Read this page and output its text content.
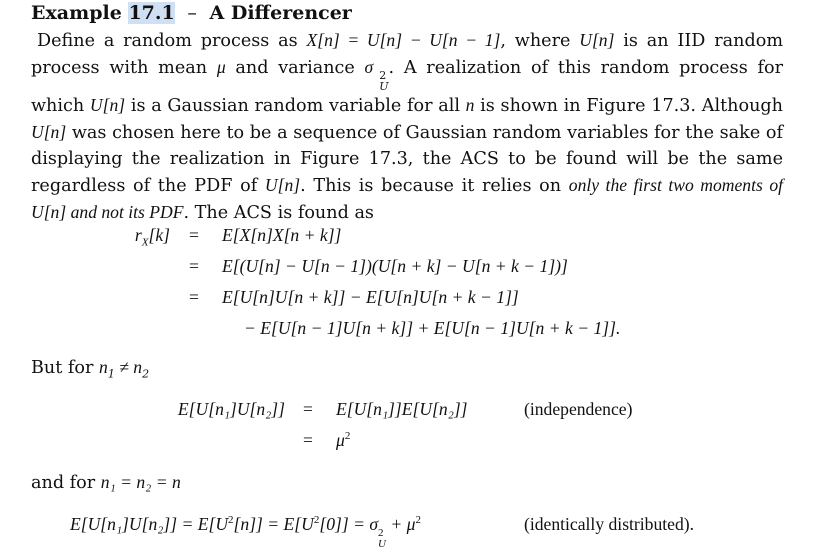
Example 17.1 – A Differencer
Define a random process as X[n] = U[n] − U[n − 1], where U[n] is an IID random process with mean μ and variance σ 2
U
. A realization of this random process for which U[n] is a Gaussian random variable for all n is shown in Figure 17.3. Although U[n] was chosen here to be a sequence of Gaussian random variables for the sake of displaying the realization in Figure 17.3, the ACS to be found will be the same regardless of the PDF of U[n]. This is because it relies on only the first two moments of U[n] and not its PDF. The ACS is found as
$r_X[k] = E[X[n]X[n + k]]$
= E[(U[n] − U[n − 1])(U[n + k] − U[n + k − 1])]
= E[U[n]U[n + k]] − E[U[n]U[n + k − 1]]
− E[U[n − 1]U[n + k]] + E[U[n − 1]U[n + k − 1]].
But for $n_1 \ne n_2$
E[U[n₁]U[n₂]] = E[U[n₁]]E[U[n₂]]	(independence)
= $\mu^2$
and for n₁ = n₂ = n
$E[U[n_1]U[n_2]] = E[U^2[n]] = E[U^2[0]] = \sigma$ 2
U
+ $\mu^2$	(identically distributed).
